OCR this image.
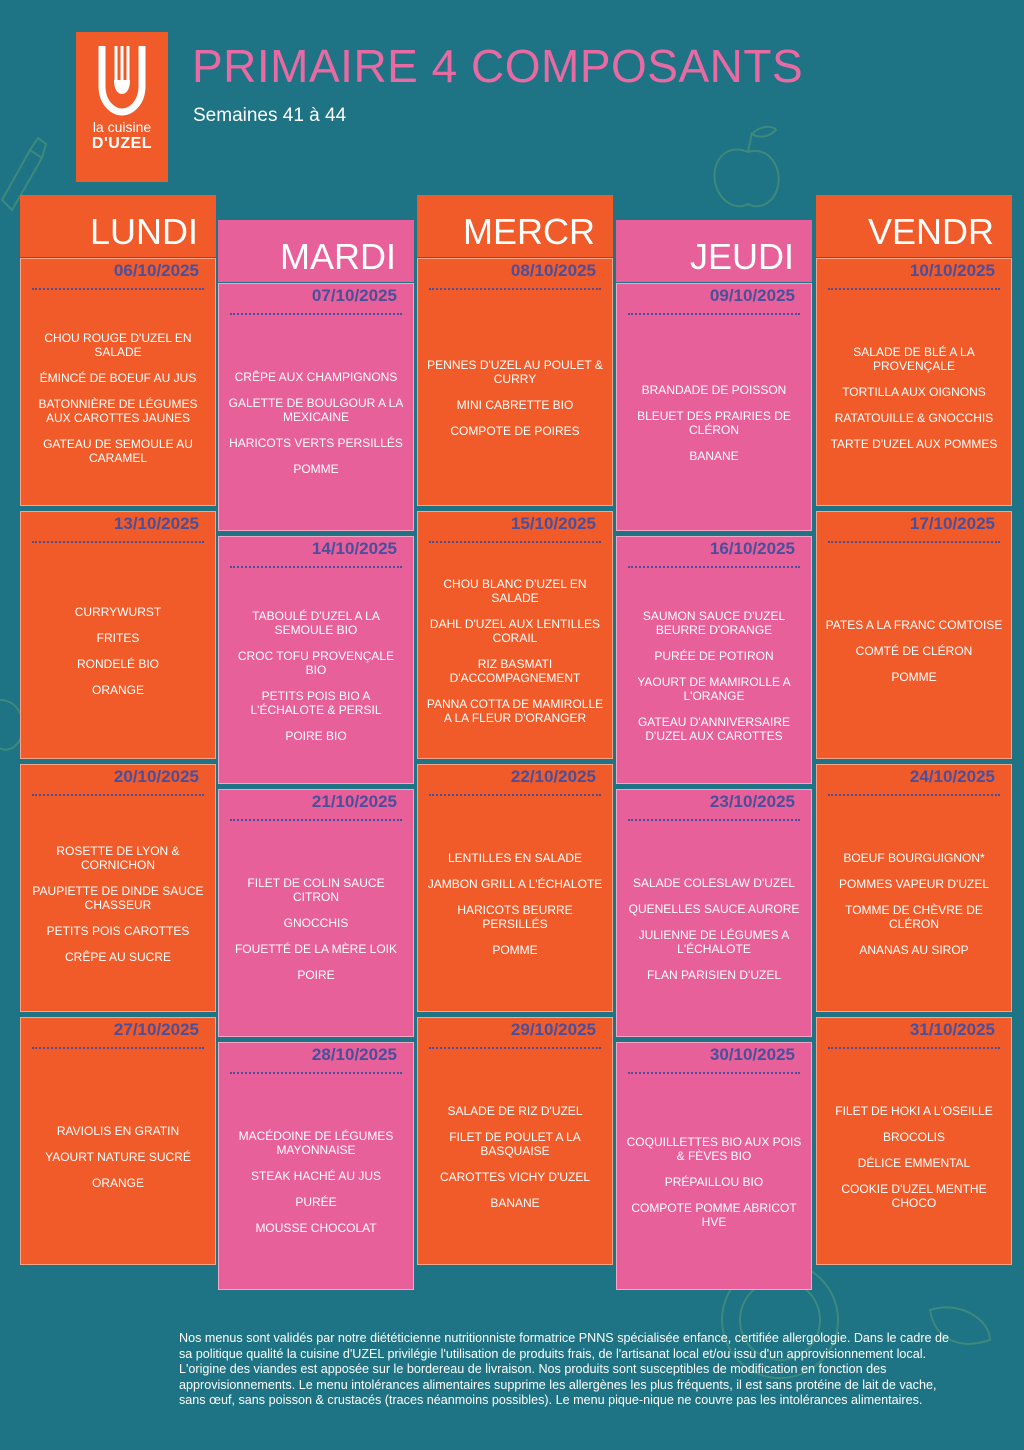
la cuisine
D'UZEL
PRIMAIRE 4 COMPOSANTS
Semaines 41 à 44
LUNDI
06/10/2025
CHOU ROUGE D'UZEL EN SALADE
ÉMINCÉ DE BOEUF AU JUS
BATONNIÈRE DE LÉGUMES AUX CAROTTES JAUNES
GATEAU DE SEMOULE AU CARAMEL
13/10/2025
CURRYWURST
FRITES
RONDELÉ BIO
ORANGE
20/10/2025
ROSETTE DE LYON & CORNICHON
PAUPIETTE DE DINDE SAUCE CHASSEUR
PETITS POIS CAROTTES
CRÊPE AU SUCRE
27/10/2025
RAVIOLIS EN GRATIN
YAOURT NATURE SUCRÉ
ORANGE
MARDI
07/10/2025
CRÊPE AUX CHAMPIGNONS
GALETTE DE BOULGOUR A LA MEXICAINE
HARICOTS VERTS PERSILLÉS
POMME
14/10/2025
TABOULÉ D'UZEL A LA SEMOULE BIO
CROC TOFU PROVENÇALE BIO
PETITS POIS BIO A L'ÉCHALOTE & PERSIL
POIRE BIO
21/10/2025
FILET DE COLIN SAUCE CITRON
GNOCCHIS
FOUETTÉ DE LA MÈRE LOIK
POIRE
28/10/2025
MACÉDOINE DE LÉGUMES MAYONNAISE
STEAK HACHÉ AU JUS
PURÉE
MOUSSE CHOCOLAT
MERCR
08/10/2025
PENNES D'UZEL AU POULET & CURRY
MINI CABRETTE BIO
COMPOTE DE POIRES
15/10/2025
CHOU BLANC D'UZEL EN SALADE
DAHL D'UZEL AUX LENTILLES CORAIL
RIZ BASMATI D'ACCOMPAGNEMENT
PANNA COTTA DE MAMIROLLE A LA FLEUR D'ORANGER
22/10/2025
LENTILLES EN SALADE
JAMBON GRILL A L'ÉCHALOTE
HARICOTS BEURRE PERSILLÉS
POMME
29/10/2025
SALADE DE RIZ D'UZEL
FILET DE POULET A LA BASQUAISE
CAROTTES VICHY D'UZEL
BANANE
JEUDI
09/10/2025
BRANDADE DE POISSON
BLEUET DES PRAIRIES DE CLÉRON
BANANE
16/10/2025
SAUMON SAUCE D'UZEL BEURRE D'ORANGE
PURÉE DE POTIRON
YAOURT DE MAMIROLLE A L'ORANGE
GATEAU D'ANNIVERSAIRE D'UZEL AUX CAROTTES
23/10/2025
SALADE COLESLAW D'UZEL
QUENELLES SAUCE AURORE
JULIENNE DE LÉGUMES A L'ÉCHALOTE
FLAN PARISIEN D'UZEL
30/10/2025
COQUILLETTES BIO AUX POIS & FÈVES BIO
PRÉPAILLOU BIO
COMPOTE POMME ABRICOT HVE
VENDR
10/10/2025
SALADE DE BLÉ A LA PROVENÇALE
TORTILLA AUX OIGNONS
RATATOUILLE & GNOCCHIS
TARTE D'UZEL AUX POMMES
17/10/2025
PATES A LA FRANC COMTOISE
COMTÉ DE CLÉRON
POMME
24/10/2025
BOEUF BOURGUIGNON*
POMMES VAPEUR D'UZEL
TOMME DE CHÈVRE DE CLÉRON
ANANAS AU SIROP
31/10/2025
FILET DE HOKI A L'OSEILLE
BROCOLIS
DÉLICE EMMENTAL
COOKIE D'UZEL MENTHE CHOCO

Nos menus sont validés par notre diététicienne nutritionniste formatrice PNNS spécialisée enfance, certifiée allergologie. Dans le cadre de sa politique qualité la cuisine d'UZEL privilégie l'utilisation de produits frais, de l'artisanat local et/ou issu d'un approvisionnement local. L'origine des viandes est apposée sur le bordereau de livraison. Nos produits sont susceptibles de modification en fonction des approvisionnements. Le menu intolérances alimentaires supprime les allergènes les plus fréquents, il est sans protéine de lait de vache, sans œuf, sans poisson & crustacés (traces néanmoins possibles). Le menu pique-nique ne couvre pas les intolérances alimentaires.
